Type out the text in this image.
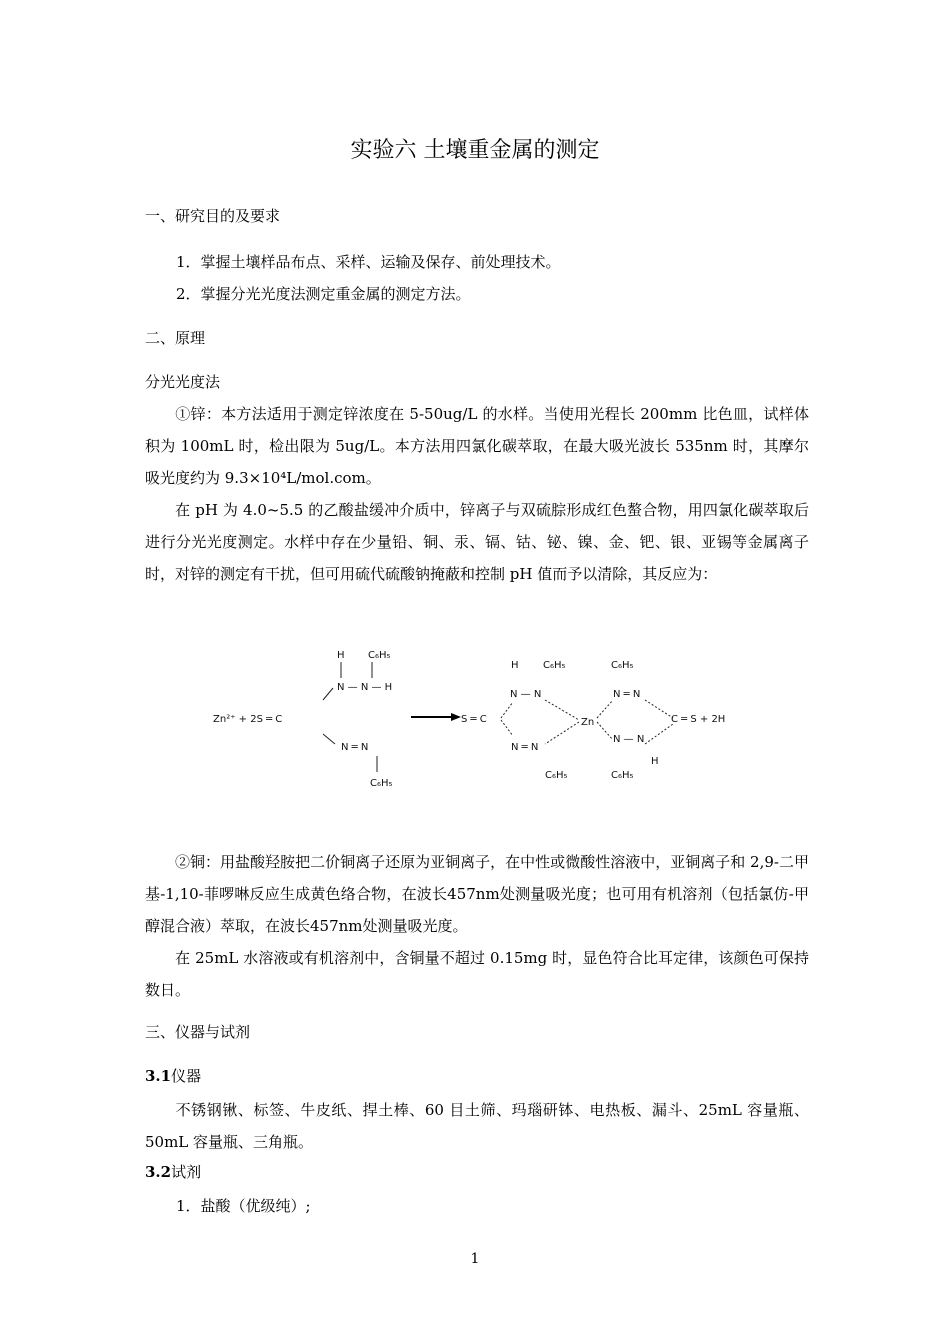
实验六 土壤重金属的测定
一、研究目的及要求
1．掌握土壤样品布点、采样、运输及保存、前处理技术。
2．掌握分光光度法测定重金属的测定方法。
二、原理
分光光度法
①锌：本方法适用于测定锌浓度在 5-50ug/L 的水样。当使用光程长 200mm 比色皿，试样体积为 100mL 时，检出限为 5ug/L。本方法用四氯化碳萃取，在最大吸光波长 535nm 时，其摩尔吸光度约为 9.3×10⁴L/mol.com。
在 pH 为 4.0~5.5 的乙酸盐缓冲介质中，锌离子与双硫腙形成红色螯合物，用四氯化碳萃取后进行分光光度测定。水样中存在少量铅、铜、汞、镉、钴、铋、镍、金、钯、银、亚锡等金属离子时，对锌的测定有干扰，但可用硫代硫酸钠掩蔽和控制 pH 值而予以清除，其反应为：
Zn²⁺ + 2S ═ C
H C₆H₅
N — N — H
N ═ N
C₆H₅
S ═ C
H C₆H₅
N — N
N ═ N
C₆H₅
Zn
C₆H₅
N ═ N
N — N
C₆H₅
H
C ═ S + 2H
②铜：用盐酸羟胺把二价铜离子还原为亚铜离子，在中性或微酸性溶液中，亚铜离子和 2,9-二甲基-1,10-菲啰啉反应生成黄色络合物，在波长457nm处测量吸光度；也可用有机溶剂（包括氯仿-甲醇混合液）萃取，在波长457nm处测量吸光度。
在 25mL 水溶液或有机溶剂中，含铜量不超过 0.15mg 时，显色符合比耳定律，该颜色可保持数日。
三、仪器与试剂
3.1仪器
不锈钢锹、标签、牛皮纸、捍土棒、60 目土筛、玛瑙研钵、电热板、漏斗、25mL 容量瓶、50mL 容量瓶、三角瓶。
3.2试剂
1．盐酸（优级纯）;
1
